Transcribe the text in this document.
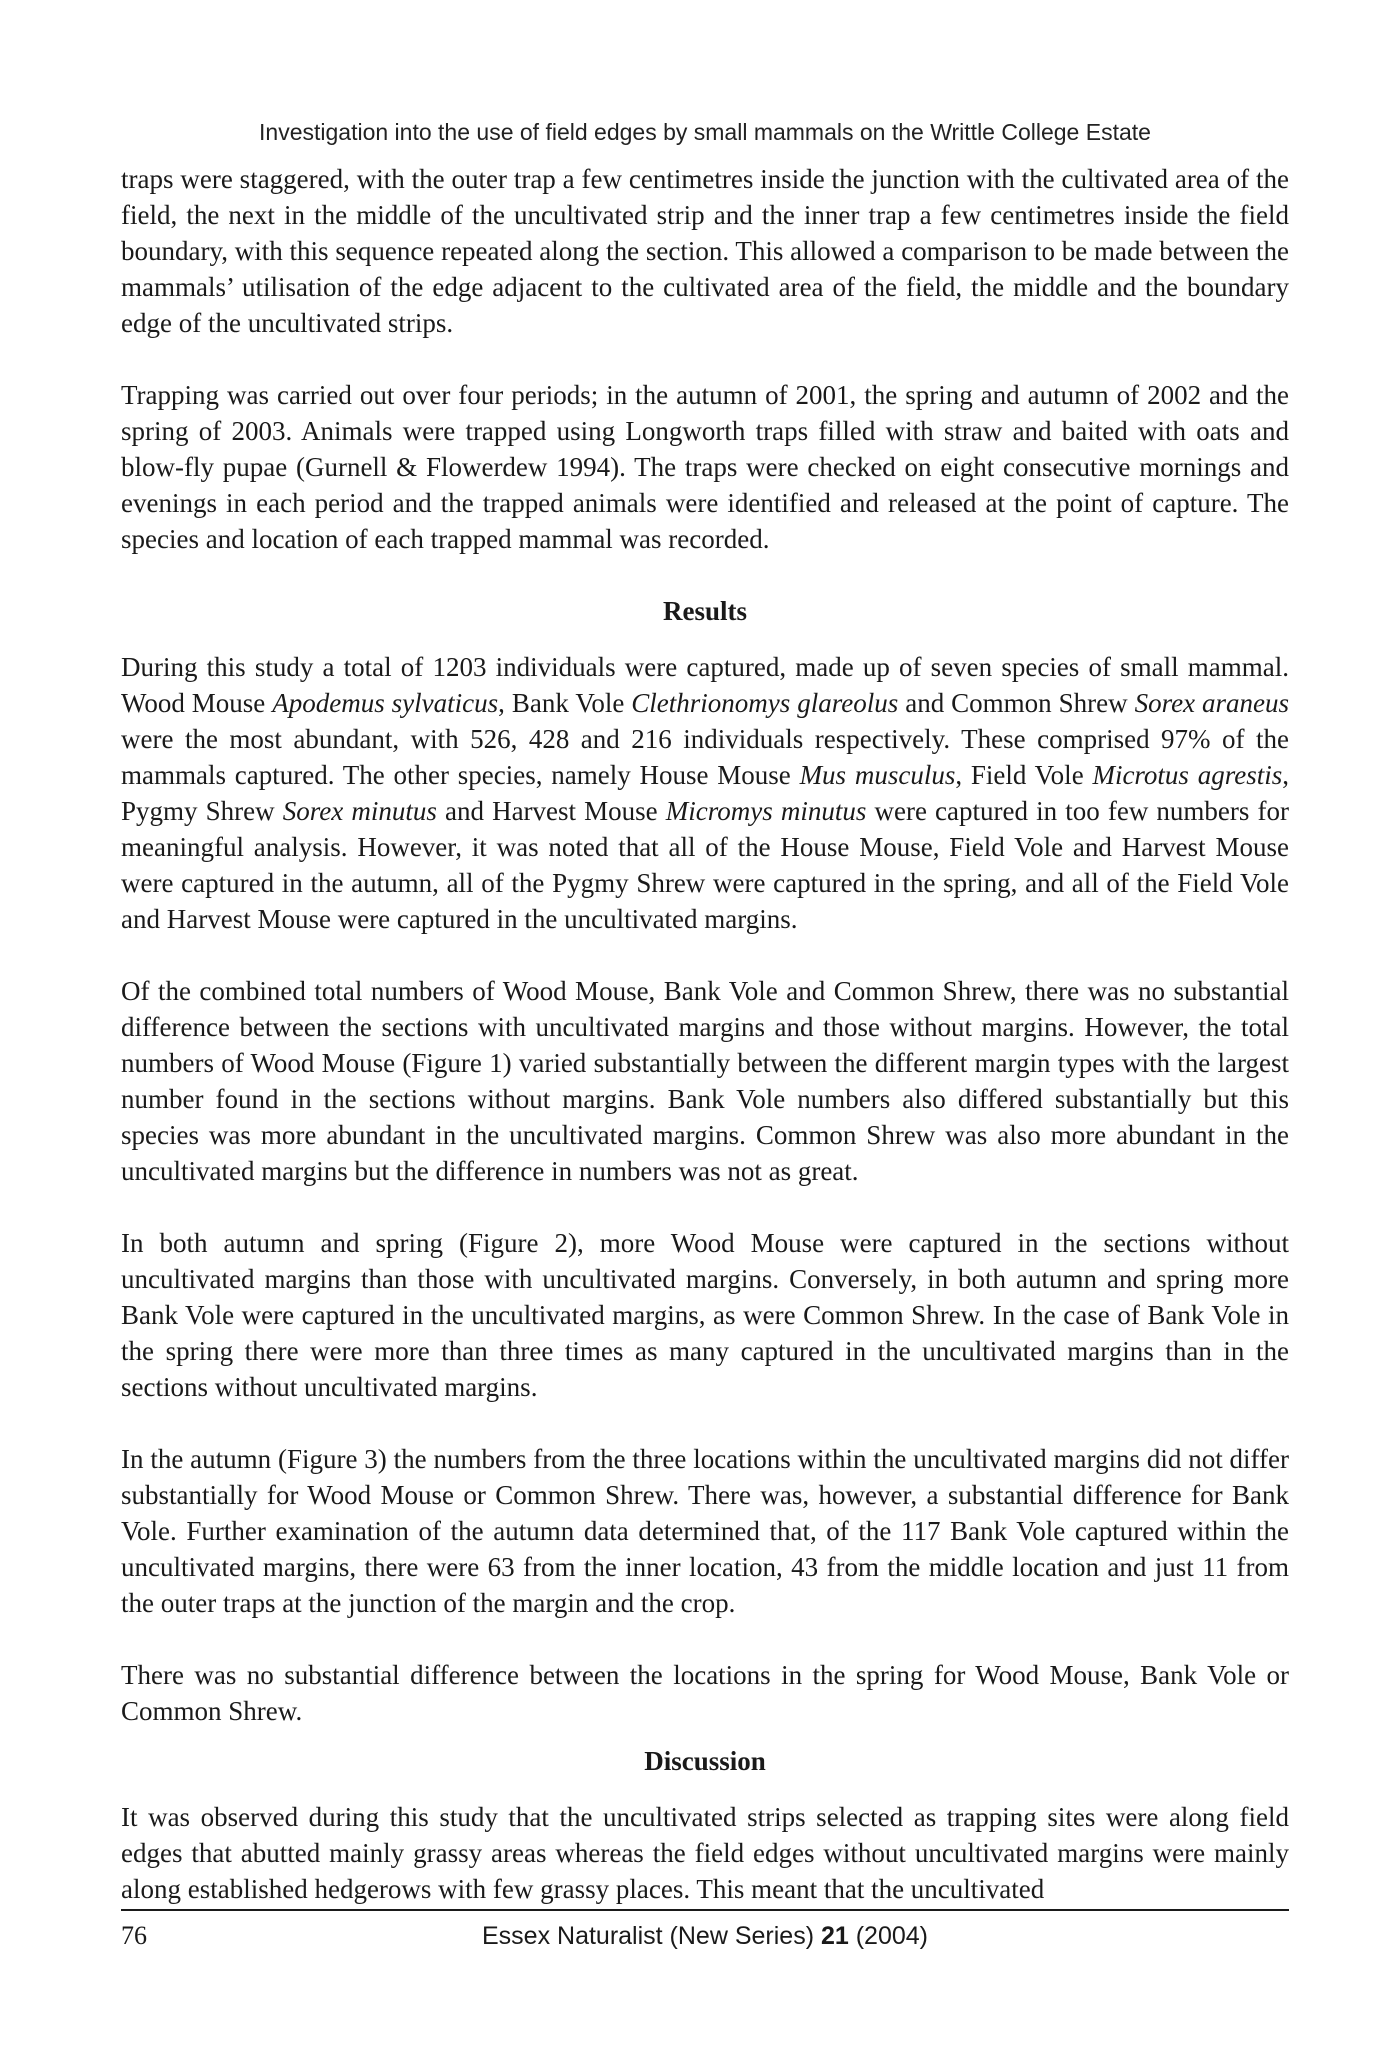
Investigation into the use of field edges by small mammals on the Writtle College Estate

traps were staggered, with the outer trap a few centimetres inside the junction with the cultivated area of the field, the next in the middle of the uncultivated strip and the inner trap a few centimetres inside the field boundary, with this sequence repeated along the section. This allowed a comparison to be made between the mammals’ utilisation of the edge adjacent to the cultivated area of the field, the middle and the boundary edge of the uncultivated strips.

Trapping was carried out over four periods; in the autumn of 2001, the spring and autumn of 2002 and the spring of 2003. Animals were trapped using Longworth traps filled with straw and baited with oats and blow-fly pupae (Gurnell & Flowerdew 1994). The traps were checked on eight consecutive mornings and evenings in each period and the trapped animals were identified and released at the point of capture. The species and location of each trapped mammal was recorded.

Results

During this study a total of 1203 individuals were captured, made up of seven species of small mammal. Wood Mouse Apodemus sylvaticus, Bank Vole Clethrionomys glareolus and Common Shrew Sorex araneus were the most abundant, with 526, 428 and 216 individuals respectively. These comprised 97% of the mammals captured. The other species, namely House Mouse Mus musculus, Field Vole Microtus agrestis, Pygmy Shrew Sorex minutus and Harvest Mouse Micromys minutus were captured in too few numbers for meaningful analysis. However, it was noted that all of the House Mouse, Field Vole and Harvest Mouse were captured in the autumn, all of the Pygmy Shrew were captured in the spring, and all of the Field Vole and Harvest Mouse were captured in the uncultivated margins.

Of the combined total numbers of Wood Mouse, Bank Vole and Common Shrew, there was no substantial difference between the sections with uncultivated margins and those without margins. However, the total numbers of Wood Mouse (Figure 1) varied substantially between the different margin types with the largest number found in the sections without margins. Bank Vole numbers also differed substantially but this species was more abundant in the uncultivated margins. Common Shrew was also more abundant in the uncultivated margins but the difference in numbers was not as great.

In both autumn and spring (Figure 2), more Wood Mouse were captured in the sections without uncultivated margins than those with uncultivated margins. Conversely, in both autumn and spring more Bank Vole were captured in the uncultivated margins, as were Common Shrew. In the case of Bank Vole in the spring there were more than three times as many captured in the uncultivated margins than in the sections without uncultivated margins.

In the autumn (Figure 3) the numbers from the three locations within the uncultivated margins did not differ substantially for Wood Mouse or Common Shrew. There was, however, a substantial difference for Bank Vole. Further examination of the autumn data determined that, of the 117 Bank Vole captured within the uncultivated margins, there were 63 from the inner location, 43 from the middle location and just 11 from the outer traps at the junction of the margin and the crop.

There was no substantial difference between the locations in the spring for Wood Mouse, Bank Vole or Common Shrew.

Discussion

It was observed during this study that the uncultivated strips selected as trapping sites were along field edges that abutted mainly grassy areas whereas the field edges without uncultivated margins were mainly along established hedgerows with few grassy places. This meant that the uncultivated

76	Essex Naturalist (New Series) 21 (2004)
